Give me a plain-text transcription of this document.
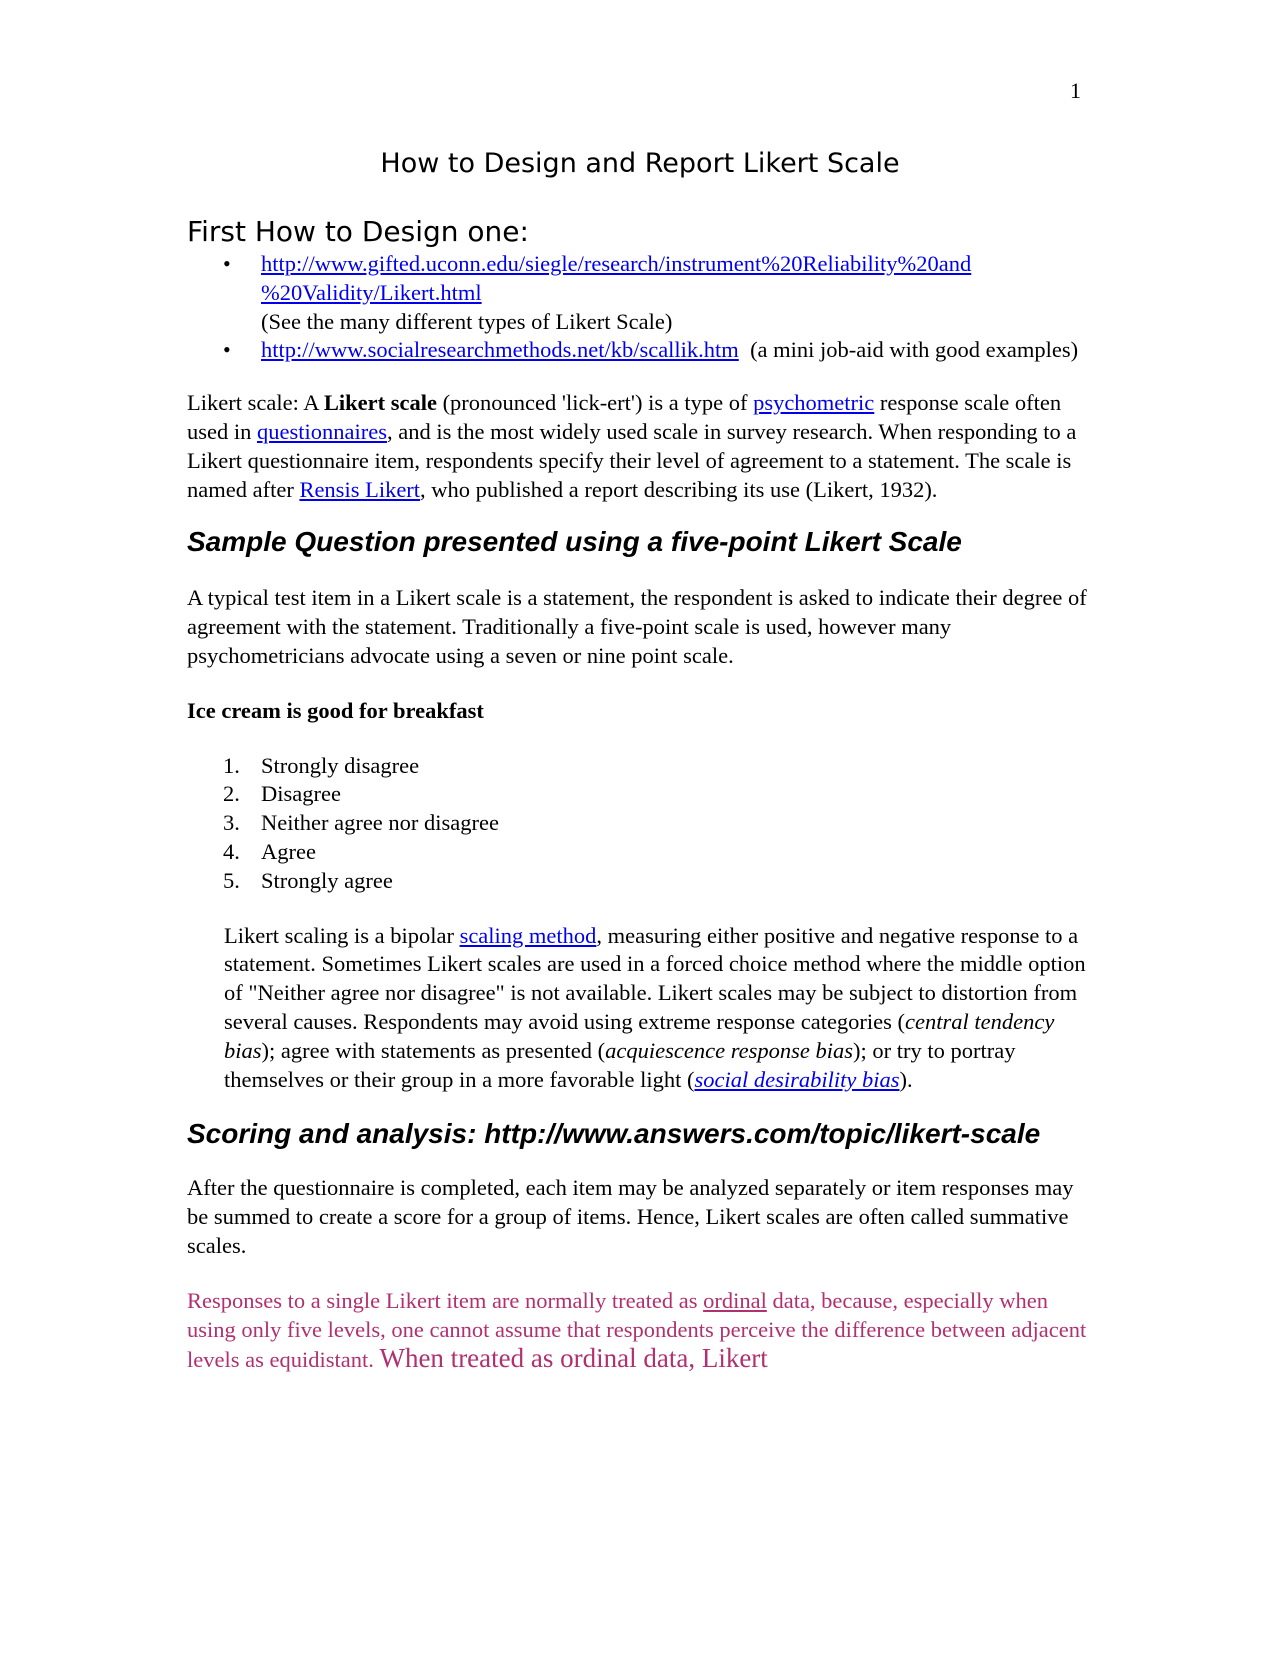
1
How to Design and Report Likert Scale
First How to Design one:
• http://www.gifted.uconn.edu/siegle/research/instrument%20Reliability%20and
%20Validity/Likert.html
(See the many different types of Likert Scale)
• http://www.socialresearchmethods.net/kb/scallik.htm (a mini job-aid with good examples)

Likert scale: A Likert scale (pronounced 'lick-ert') is a type of psychometric response scale often used in questionnaires, and is the most widely used scale in survey research. When responding to a Likert questionnaire item, respondents specify their level of agreement to a statement. The scale is named after Rensis Likert, who published a report describing its use (Likert, 1932).

Sample Question presented using a five-point Likert Scale

A typical test item in a Likert scale is a statement, the respondent is asked to indicate their degree of agreement with the statement. Traditionally a five-point scale is used, however many psychometricians advocate using a seven or nine point scale.

Ice cream is good for breakfast

1. Strongly disagree
2. Disagree
3. Neither agree nor disagree
4. Agree
5. Strongly agree

Likert scaling is a bipolar scaling method, measuring either positive and negative response to a statement. Sometimes Likert scales are used in a forced choice method where the middle option of "Neither agree nor disagree" is not available. Likert scales may be subject to distortion from several causes. Respondents may avoid using extreme response categories (central tendency bias); agree with statements as presented (acquiescence response bias); or try to portray themselves or their group in a more favorable light (social desirability bias).

Scoring and analysis: http://www.answers.com/topic/likert-scale

After the questionnaire is completed, each item may be analyzed separately or item responses may be summed to create a score for a group of items. Hence, Likert scales are often called summative scales.

Responses to a single Likert item are normally treated as ordinal data, because, especially when using only five levels, one cannot assume that respondents perceive the difference between adjacent levels as equidistant. When treated as ordinal data, Likert
